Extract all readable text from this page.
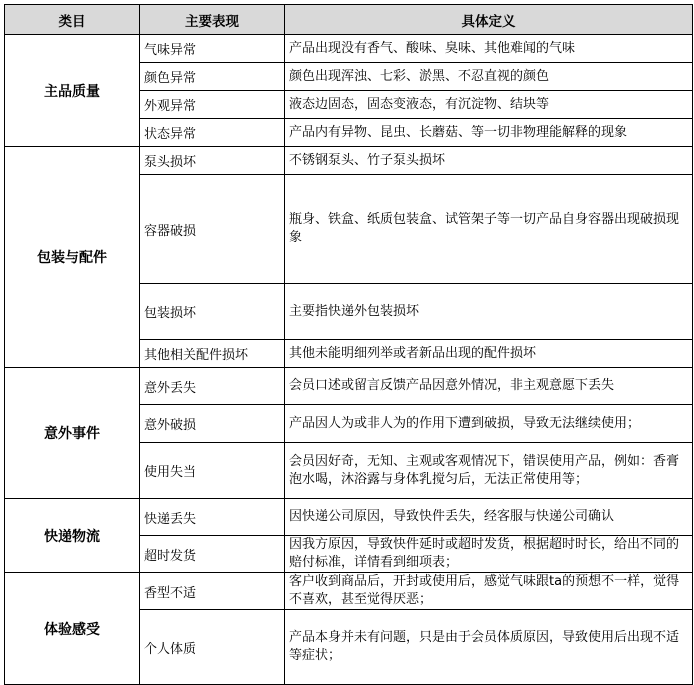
类目	主要表现	具体定义
主品质量	气味异常	产品出现没有香气、酸味、臭味、其他难闻的气味
	颜色异常	颜色出现浑浊、七彩、淤黑、不忍直视的颜色
	外观异常	液态边固态，固态变液态，有沉淀物、结块等
	状态异常	产品内有异物、昆虫、长蘑菇、等一切非物理能解释的现象
包装与配件	泵头损坏	不锈钢泵头、竹子泵头损坏
	容器破损	瓶身、铁盒、纸质包装盒、试管架子等一切产品自身容器出现破损现象
	包装损坏	主要指快递外包装损坏
	其他相关配件损坏	其他未能明细列举或者新品出现的配件损坏
意外事件	意外丢失	会员口述或留言反馈产品因意外情况，非主观意愿下丢失
	意外破损	产品因人为或非人为的作用下遭到破损，导致无法继续使用；
	使用失当	会员因好奇，无知、主观或客观情况下，错误使用产品，例如：香膏泡水喝，沐浴露与身体乳搅匀后，无法正常使用等；
快递物流	快递丢失	因快递公司原因，导致快件丢失，经客服与快递公司确认
	超时发货	因我方原因，导致快件延时或超时发货，根据超时时长，给出不同的赔付标准，详情看到细项表；
体验感受	香型不适	客户收到商品后，开封或使用后，感觉气味跟ta的预想不一样，觉得不喜欢，甚至觉得厌恶；
	个人体质	产品本身并未有问题，只是由于会员体质原因，导致使用后出现不适等症状；
